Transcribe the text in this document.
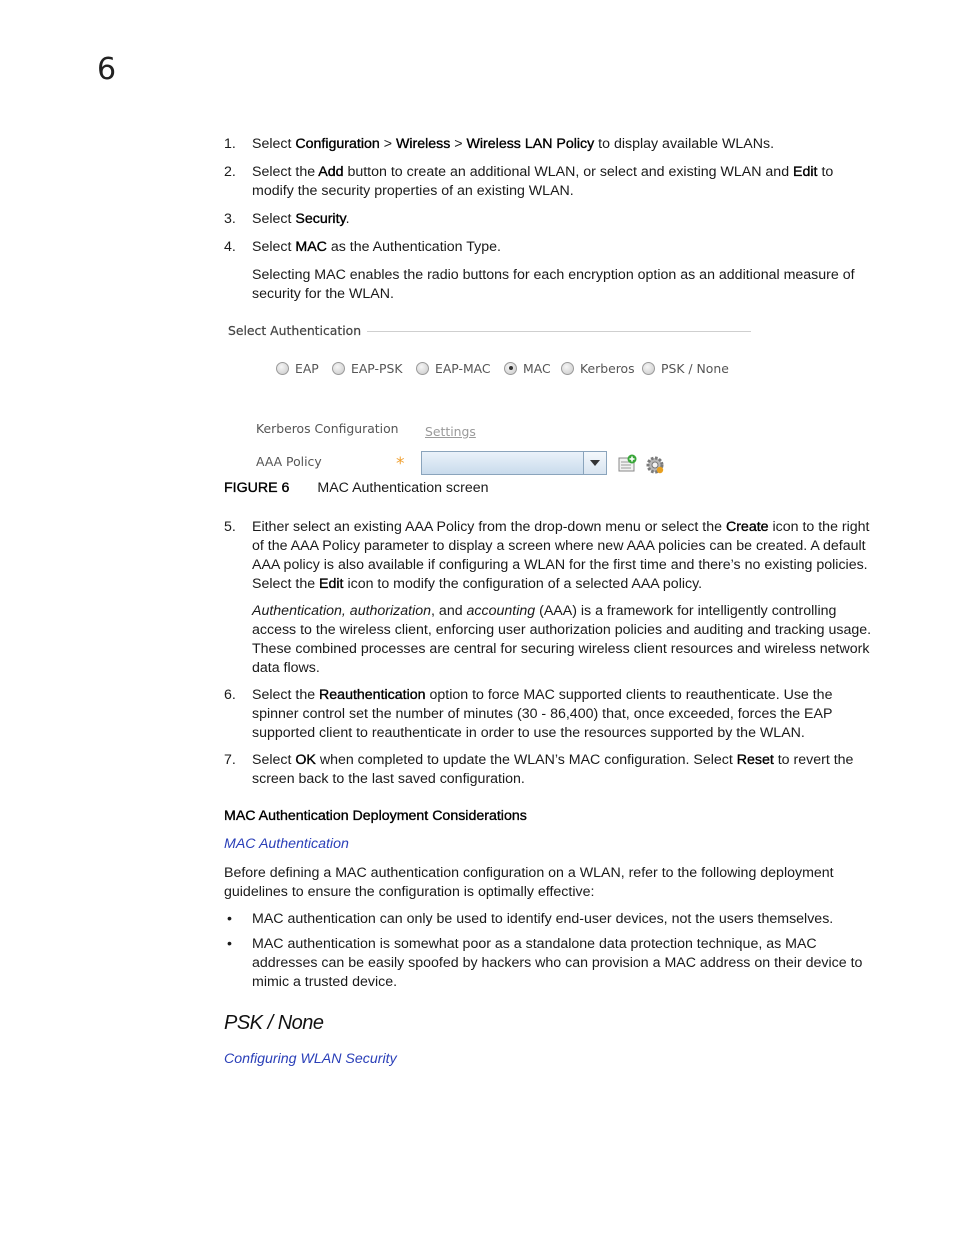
6
1. Select Configuration > Wireless > Wireless LAN Policy to display available WLANs.
2. Select the Add button to create an additional WLAN, or select and existing WLAN and Edit to modify the security properties of an existing WLAN.
3. Select Security.
4. Select MAC as the Authentication Type.
Selecting MAC enables the radio buttons for each encryption option as an additional measure of security for the WLAN.
Select Authentication
EAP	EAP-PSK	EAP-MAC	MAC Kerberos PSK / None
Kerberos Configuration Settings
AAA Policy	*
FIGURE 6 MAC Authentication screen
5. Either select an existing AAA Policy from the drop-down menu or select the Create icon to the right of the AAA Policy parameter to display a screen where new AAA policies can be created. A default AAA policy is also available if configuring a WLAN for the first time and there’s no existing policies. Select the Edit icon to modify the configuration of a selected AAA policy.
Authentication, authorization, and accounting (AAA) is a framework for intelligently controlling access to the wireless client, enforcing user authorization policies and auditing and tracking usage. These combined processes are central for securing wireless client resources and wireless network data flows.
6. Select the Reauthentication option to force MAC supported clients to reauthenticate. Use the spinner control set the number of minutes (30 - 86,400) that, once exceeded, forces the EAP supported client to reauthenticate in order to use the resources supported by the WLAN.
7. Select OK when completed to update the WLAN’s MAC configuration. Select Reset to revert the screen back to the last saved configuration.
MAC Authentication Deployment Considerations
MAC Authentication
Before defining a MAC authentication configuration on a WLAN, refer to the following deployment guidelines to ensure the configuration is optimally effective:
• MAC authentication can only be used to identify end-user devices, not the users themselves.
• MAC authentication is somewhat poor as a standalone data protection technique, as MAC addresses can be easily spoofed by hackers who can provision a MAC address on their device to mimic a trusted device.
PSK / None
Configuring WLAN Security
